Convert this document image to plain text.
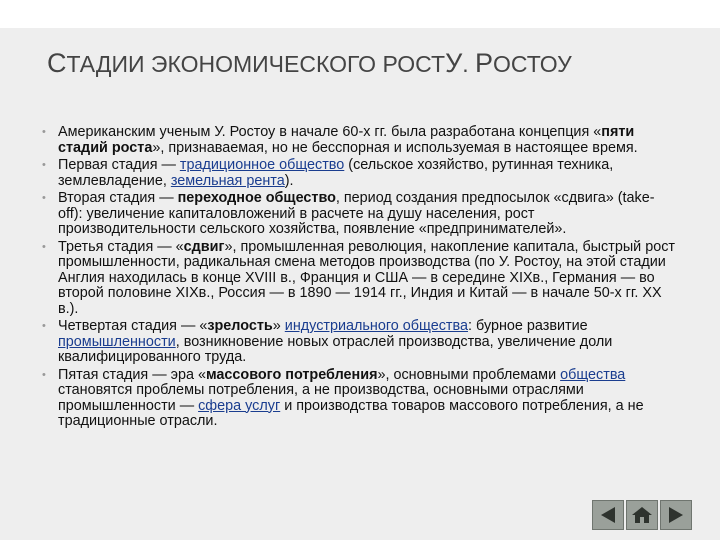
СТАДИИ ЭКОНОМИЧЕСКОГО РОСТУ. РОСТОУ
• Американским ученым У. Ростоу в начале 60-х гг. была разработана концепция «пяти стадий роста», признаваемая, но не бесспорная и используемая в настоящее время.
• Первая стадия — традиционное общество (сельское хозяйство, рутинная техника, землевладение, земельная рента).
• Вторая стадия — переходное общество, период создания предпосылок «сдвига» (take-off): увеличение капиталовложений в расчете на душу населения, рост производительности сельского хозяйства, появление «предпринимателей».
• Третья стадия — «сдвиг», промышленная революция, накопление капитала, быстрый рост промышленности, радикальная смена методов производства (по У. Ростоу, на этой стадии Англия находилась в конце XVIII в., Франция и США — в середине XIXв., Германия — во второй половине XIXв., Россия — в 1890 — 1914 гг., Индия и Китай — в начале 50-х гг. XX в.).
• Четвертая стадия — «зрелость» индустриального общества: бурное развитие промышленности, возникновение новых отраслей производства, увеличение доли квалифицированного труда.
• Пятая стадия — эра «массового потребления», основными проблемами общества становятся проблемы потребления, а не производства, основными отраслями промышленности — сфера услуг и производства товаров массового потребления, а не традиционные отрасли.
